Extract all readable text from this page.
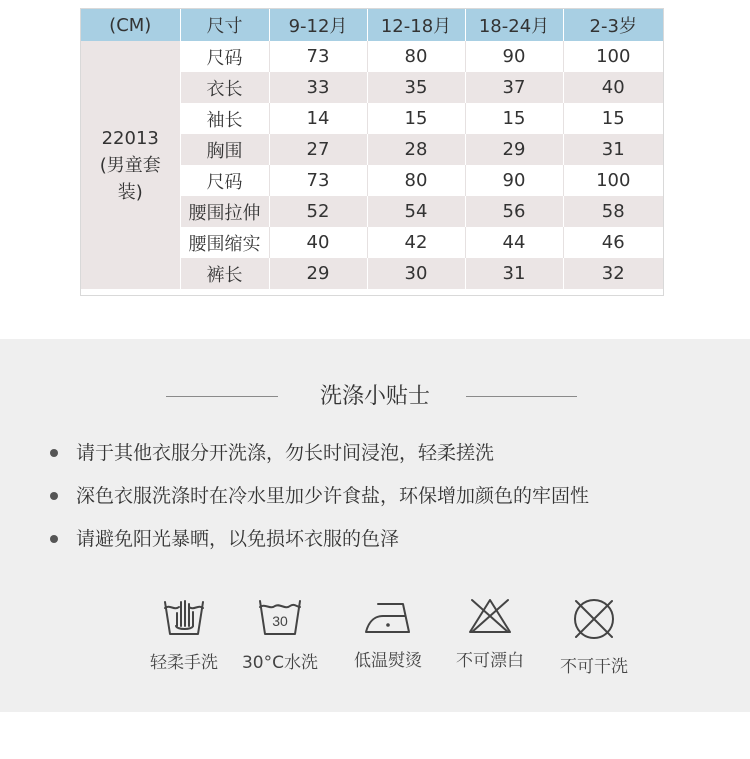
(CM)	尺寸	9-12月	12-18月	18-24月	2-3岁
22013
(男童套
装)	尺码	73	80	90	100
	衣长	33	35	37	40
	袖长	14	15	15	15
	胸围	27	28	29	31
	尺码	73	80	90	100
	腰围拉伸	52	54	56	58
	腰围缩实	40	42	44	46
	裤长	29	30	31	32
洗涤小贴士
请于其他衣服分开洗涤，勿长时间浸泡，轻柔搓洗
深色衣服洗涤时在冷水里加少许食盐，环保增加颜色的牢固性
请避免阳光暴晒，以免损坏衣服的色泽
轻柔手洗
30
30°C水洗	低温熨烫	不可漂白	不可干洗
